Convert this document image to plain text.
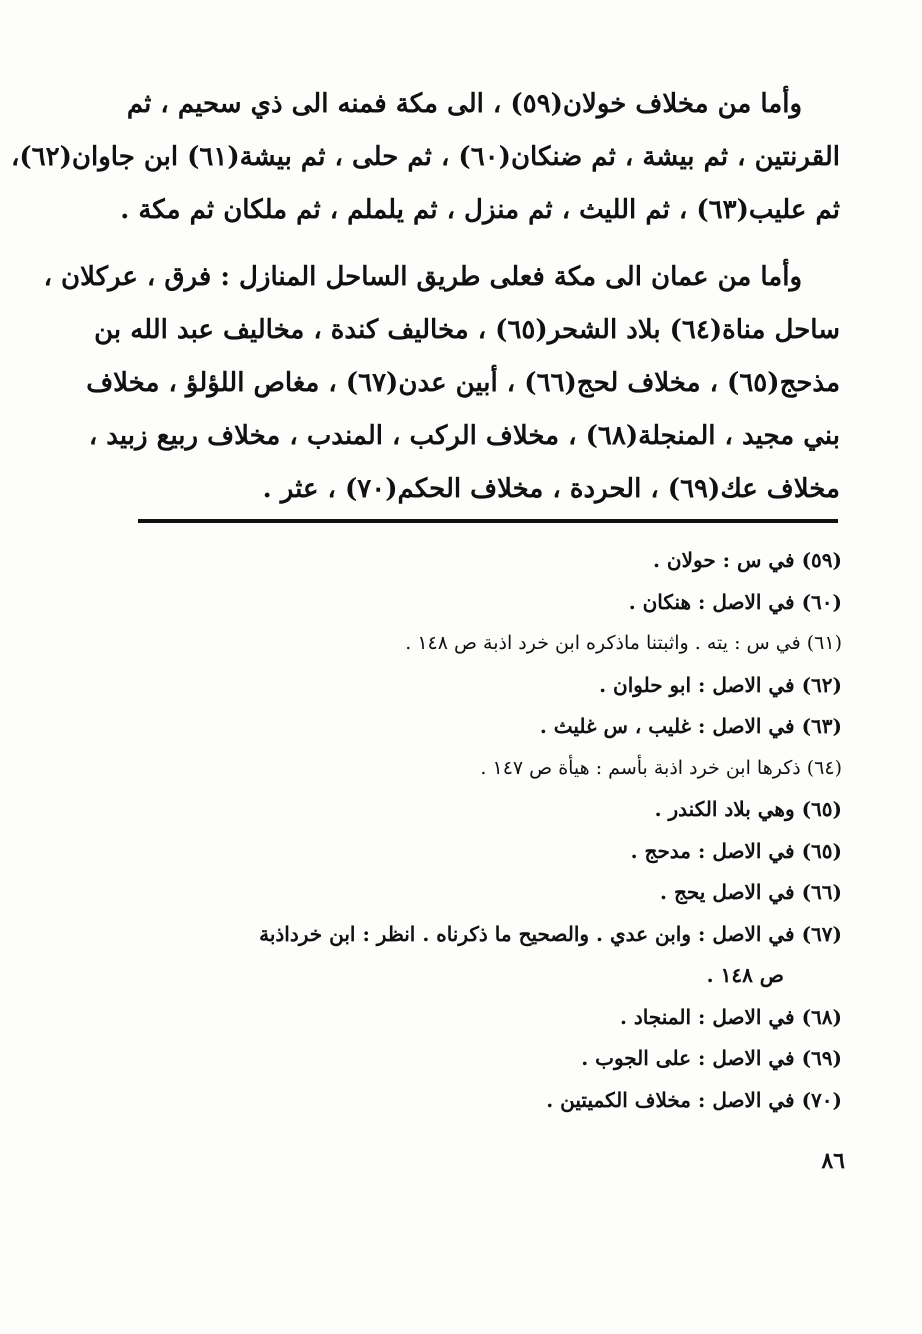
وأما من مخلاف خولان(٥٩) ، الى مكة فمنه الى ذي سحيم ، ثم
القرنتين ، ثم بيشة ، ثم ضنكان(٦٠) ، ثم حلى ، ثم بيشة(٦١) ابن جاوان(٦٢)،
ثم عليب(٦٣) ، ثم الليث ، ثم منزل ، ثم يلملم ، ثم ملكان ثم مكة .
وأما من عمان الى مكة فعلى طريق الساحل المنازل : فرق ، عركلان ،
ساحل مناة(٦٤) بلاد الشحر(٦٥) ، مخاليف كندة ، مخاليف عبد الله بن
مذحج(٦٥) ، مخلاف لحج(٦٦) ، أبين عدن(٦٧) ، مغاص اللؤلؤ ، مخلاف
بني مجيد ، المنجلة(٦٨) ، مخلاف الركب ، المندب ، مخلاف ربيع زبيد ،
مخلاف عك(٦٩) ، الحردة ، مخلاف الحكم(٧٠) ، عثر .
(٥٩) في س : حولان .
(٦٠) في الاصل : هنكان .
(٦١) في س : يته . واثبتنا ماذكره ابن خرد اذبة ص ١٤٨ .
(٦٢) في الاصل : ابو حلوان .
(٦٣) في الاصل : غليب ، س غليث .
(٦٤) ذكرها ابن خرد اذبة بأسم : هيأة ص ١٤٧ .
(٦٥) وهي بلاد الكندر .
(٦٥) في الاصل : مدحج .
(٦٦) في الاصل يحج .
(٦٧) في الاصل : وابن عدي . والصحيح ما ذكرناه . انظر : ابن خرداذبة
ص ١٤٨ .
(٦٨) في الاصل : المنجاد .
(٦٩) في الاصل : على الجوب .
(٧٠) في الاصل : مخلاف الكميتين .
٨٦
